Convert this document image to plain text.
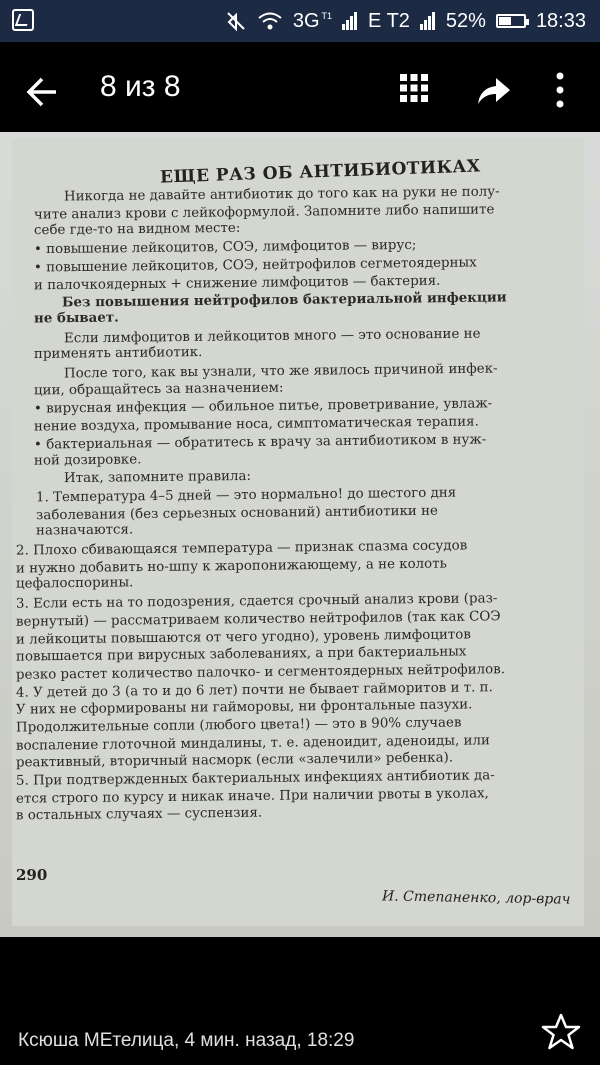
3G T1 E T2 52%	18:33
8 из 8
ЕЩЕ РАЗ ОБ АНТИБИОТИКАХ
Никогда не давайте антибиотик до того как на руки не полу-
чите анализ крови с лейкоформулой. Запомните либо напишите
себе где-то на видном месте:
• повышение лейкоцитов, СОЭ, лимфоцитов — вирус;
• повышение лейкоцитов, СОЭ, нейтрофилов сегметоядерных
и палочкоядерных + снижение лимфоцитов — бактерия.
Без повышения нейтрофилов бактериальной инфекции
не бывает.
Если лимфоцитов и лейкоцитов много — это основание не
применять антибиотик.
После того, как вы узнали, что же явилось причиной инфек-
ции, обращайтесь за назначением:
• вирусная инфекция — обильное питье, проветривание, увлаж-
нение воздуха, промывание носа, симптоматическая терапия.
• бактериальная — обратитесь к врачу за антибиотиком в нуж-
ной дозировке.
Итак, запомните правила:
1. Температура 4–5 дней — это нормально! до шестого дня
заболевания (без серьезных оснований) антибиотики не
назначаются.
2. Плохо сбивающаяся температура — признак спазма сосудов
и нужно добавить но-шпу к жаропонижающему, а не колоть
цефалоспорины.
3. Если есть на то подозрения, сдается срочный анализ крови (раз-
вернутый) — рассматриваем количество нейтрофилов (так как СОЭ
и лейкоциты повышаются от чего угодно), уровень лимфоцитов
повышается при вирусных заболеваниях, а при бактериальных
резко растет количество палочко- и сегментоядерных нейтрофилов.
4. У детей до 3 (а то и до 6 лет) почти не бывает гайморитов и т. п.
У них не сформированы ни гайморовы, ни фронтальные пазухи.
Продолжительные сопли (любого цвета!) — это в 90% случаев
воспаление глоточной миндалины, т. е. аденоидит, аденоиды, или
реактивный, вторичный насморк (если «залечили» ребенка).
5. При подтвержденных бактериальных инфекциях антибиотик да-
ется строго по курсу и никак иначе. При наличии рвоты в уколах,
в остальных случаях — суспензия.
290
И. Степаненко, лор-врач
Ксюша МЕтелица, 4 мин. назад, 18:29
